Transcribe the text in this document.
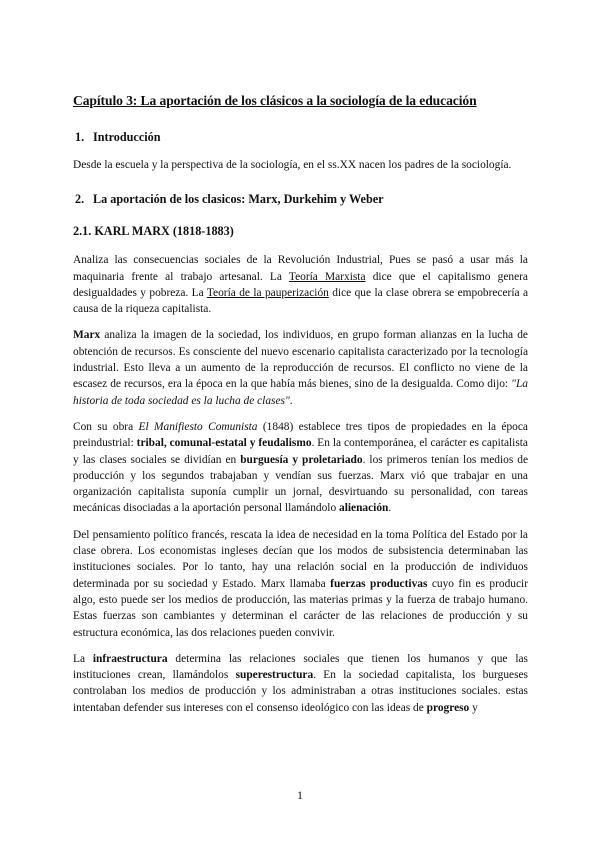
Capítulo 3: La aportación de los clásicos a la sociología de la educación
1. Introducción

Desde la escuela y la perspectiva de la sociología, en el ss.XX nacen los padres de la sociología.

2. La aportación de los clasicos: Marx, Durkehim y Weber
2.1. KARL MARX (1818-1883)

Analiza las consecuencias sociales de la Revolución Industrial, Pues se pasó a usar más la maquinaria frente al trabajo artesanal. La Teoría Marxista dice que el capitalismo genera desigualdades y pobreza. La Teoría de la pauperización dice que la clase obrera se empobrecería a causa de la riqueza capitalista.

Marx analiza la imagen de la sociedad, los individuos, en grupo forman alianzas en la lucha de obtención de recursos. Es consciente del nuevo escenario capitalista caracterizado por la tecnología industrial. Esto lleva a un aumento de la reproducción de recursos. El conflicto no viene de la escasez de recursos, era la época en la que había más bienes, sino de la desigualda. Como dijo: "La historia de toda sociedad es la lucha de clases".

Con su obra El Manifiesto Comunista (1848) establece tres tipos de propiedades en la época preindustrial: tribal, comunal-estatal y feudalismo. En la contemporánea, el carácter es capitalista y las clases sociales se dividían en burguesía y proletariado. los primeros tenían los medios de producción y los segundos trabajaban y vendían sus fuerzas. Marx vió que trabajar en una organización capitalista suponía cumplir un jornal, desvirtuando su personalidad, con tareas mecánicas disociadas a la aportación personal llamándolo alienación.

Del pensamiento político francés, rescata la idea de necesidad en la toma Política del Estado por la clase obrera. Los economistas ingleses decían que los modos de subsistencia determinaban las instituciones sociales. Por lo tanto, hay una relación social en la producción de individuos determinada por su sociedad y Estado. Marx llamaba fuerzas productivas cuyo fin es producir algo, esto puede ser los medios de producción, las materias primas y la fuerza de trabajo humano. Estas fuerzas son cambiantes y determinan el carácter de las relaciones de producción y su estructura económica, las dos relaciones pueden convivir.

La infraestructura determina las relaciones sociales que tienen los humanos y que las instituciones crean, llamándolos superestructura. En la sociedad capitalista, los burgueses controlaban los medios de producción y los administraban a otras instituciones sociales. estas intentaban defender sus intereses con el consenso ideológico con las ideas de progreso y

1
